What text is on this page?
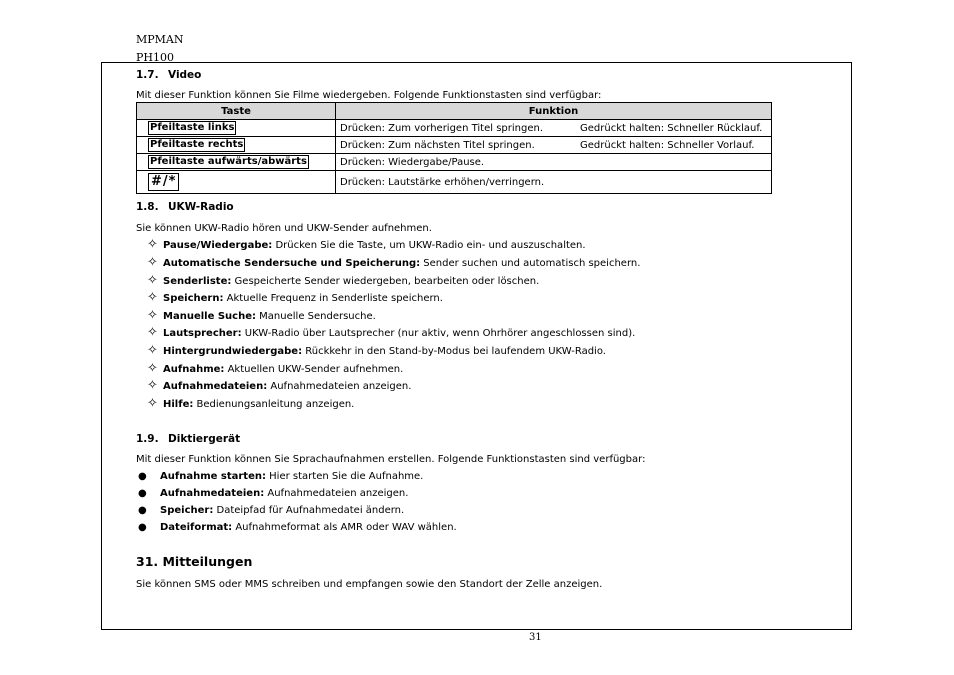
MPMAN
PH100
1.7. Video
Mit dieser Funktion können Sie Filme wiedergeben. Folgende Funktionstasten sind verfügbar:
Taste	Funktion
Pfeiltaste links	Drücken: Zum vorherigen Titel springen. Gedrückt halten: Schneller Rücklauf.
Pfeiltaste rechts	Drücken: Zum nächsten Titel springen. Gedrückt halten: Schneller Vorlauf.
Pfeiltaste aufwärts/abwärts	Drücken: Wiedergabe/Pause.
#/*	Drücken: Lautstärke erhöhen/verringern.
1.8. UKW-Radio
Sie können UKW-Radio hören und UKW-Sender aufnehmen.
✧ Pause/Wiedergabe: Drücken Sie die Taste, um UKW-Radio ein- und auszuschalten.
✧ Automatische Sendersuche und Speicherung: Sender suchen und automatisch speichern.
✧ Senderliste: Gespeicherte Sender wiedergeben, bearbeiten oder löschen.
✧ Speichern: Aktuelle Frequenz in Senderliste speichern.
✧ Manuelle Suche: Manuelle Sendersuche.
✧ Lautsprecher: UKW-Radio über Lautsprecher (nur aktiv, wenn Ohrhörer angeschlossen sind).
✧ Hintergrundwiedergabe: Rückkehr in den Stand-by-Modus bei laufendem UKW-Radio.
✧ Aufnahme: Aktuellen UKW-Sender aufnehmen.
✧ Aufnahmedateien: Aufnahmedateien anzeigen.
✧ Hilfe: Bedienungsanleitung anzeigen.
1.9. Diktiergerät
Mit dieser Funktion können Sie Sprachaufnahmen erstellen. Folgende Funktionstasten sind verfügbar:
● Aufnahme starten: Hier starten Sie die Aufnahme.
● Aufnahmedateien: Aufnahmedateien anzeigen.
● Speicher: Dateipfad für Aufnahmedatei ändern.
● Dateiformat: Aufnahmeformat als AMR oder WAV wählen.
31. Mitteilungen
Sie können SMS oder MMS schreiben und empfangen sowie den Standort der Zelle anzeigen.
31
